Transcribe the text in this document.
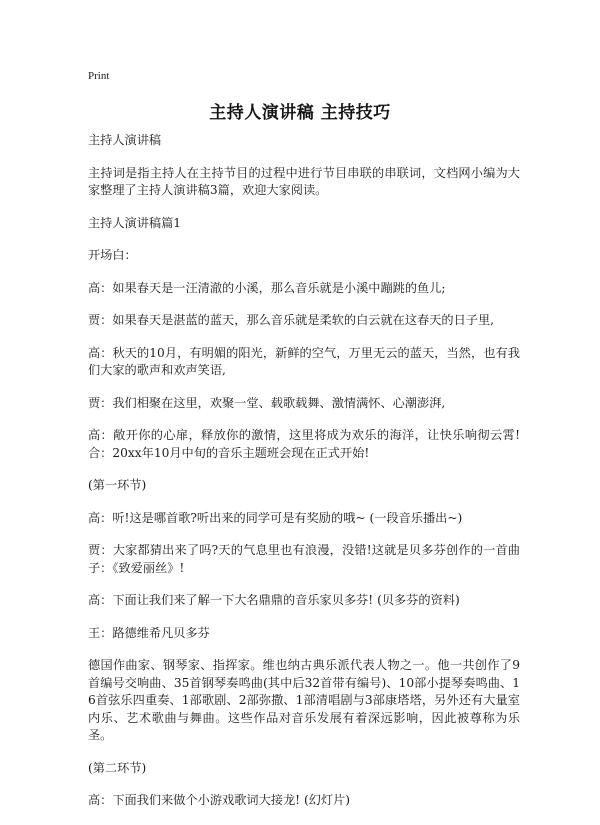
Print
主持人演讲稿 主持技巧

主持人演讲稿

主持词是指主持人在主持节目的过程中进行节目串联的串联词，文档网小编为大家整理了主持人演讲稿3篇，欢迎大家阅读。

主持人演讲稿篇1

开场白：

高：如果春天是一汪清澈的小溪，那么音乐就是小溪中蹦跳的鱼儿;

贾：如果春天是湛蓝的蓝天，那么音乐就是柔软的白云就在这春天的日子里,

高：秋天的10月，有明媚的阳光，新鲜的空气，万里无云的蓝天，当然，也有我们大家的歌声和欢声笑语,

贾：我们相聚在这里，欢聚一堂、载歌载舞、激情满怀、心潮澎湃,

高：敞开你的心扉，释放你的激情，这里将成为欢乐的海洋，让快乐响彻云霄! 合：20xx年10月中旬的音乐主题班会现在正式开始!

(第一环节)

高：听!这是哪首歌?听出来的同学可是有奖励的哦~ (一段音乐播出~)

贾：大家都猜出来了吗?天的气息里也有浪漫，没错!这就是贝多芬创作的一首曲子：《致爱丽丝》!

高：下面让我们来了解一下大名鼎鼎的音乐家贝多芬! (贝多芬的资料)

王：路德维希凡贝多芬

德国作曲家、钢琴家、指挥家。维也纳古典乐派代表人物之一。他一共创作了9首编号交响曲、35首钢琴奏鸣曲(其中后32首带有编号)、10部小提琴奏鸣曲、16首弦乐四重奏、1部歌剧、2部弥撒、1部清唱剧与3部康塔塔，另外还有大量室内乐、艺术歌曲与舞曲。这些作品对音乐发展有着深远影响，因此被尊称为乐圣。

(第二环节)

高：下面我们来做个小游戏歌词大接龙! (幻灯片)
